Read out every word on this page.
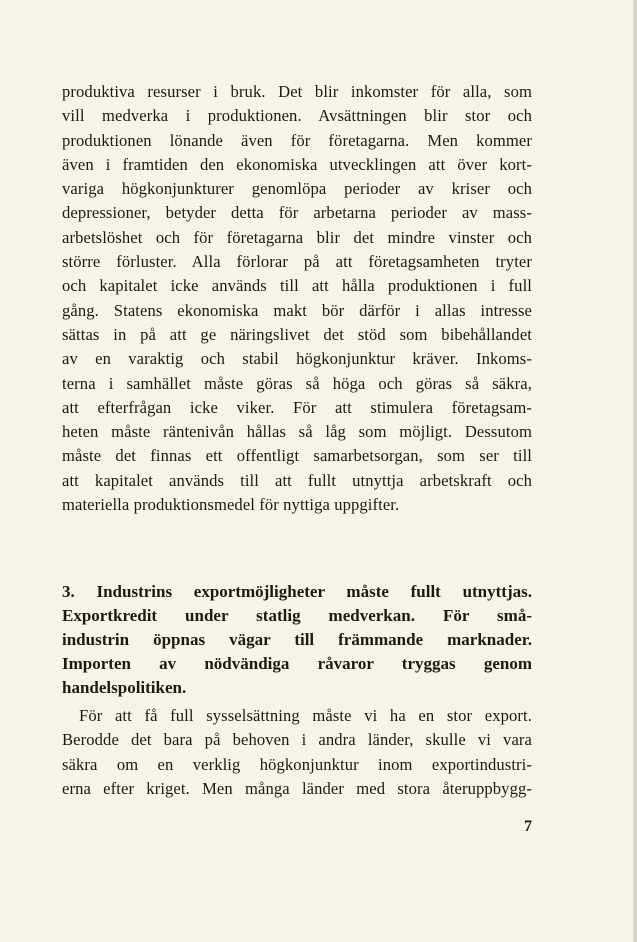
produktiva resurser i bruk. Det blir inkomster för alla, som
vill medverka i produktionen. Avsättningen blir stor och
produktionen lönande även för företagarna. Men kommer
även i framtiden den ekonomiska utvecklingen att över kort-
variga högkonjunkturer genomlöpa perioder av kriser och
depressioner, betyder detta för arbetarna perioder av mass-
arbetslöshet och för företagarna blir det mindre vinster och
större förluster. Alla förlorar på att företagsamheten tryter
och kapitalet icke används till att hålla produktionen i full
gång. Statens ekonomiska makt bör därför i allas intresse
sättas in på att ge näringslivet det stöd som bibehållandet
av en varaktig och stabil högkonjunktur kräver. Inkoms-
terna i samhället måste göras så höga och göras så säkra,
att efterfrågan icke viker. För att stimulera företagsam-
heten måste räntenivån hållas så låg som möjligt. Dessutom
måste det finnas ett offentligt samarbetsorgan, som ser till
att kapitalet används till att fullt utnyttja arbetskraft och
materiella produktionsmedel för nyttiga uppgifter.
3. Industrins exportmöjligheter måste fullt utnyttjas.
Exportkredit under statlig medverkan. För små-
industrin öppnas vägar till främmande marknader.
Importen av nödvändiga råvaror tryggas genom
handelspolitiken.
För att få full sysselsättning måste vi ha en stor export.
Berodde det bara på behoven i andra länder, skulle vi vara
säkra om en verklig högkonjunktur inom exportindustri-
erna efter kriget. Men många länder med stora återuppbygg-
7
